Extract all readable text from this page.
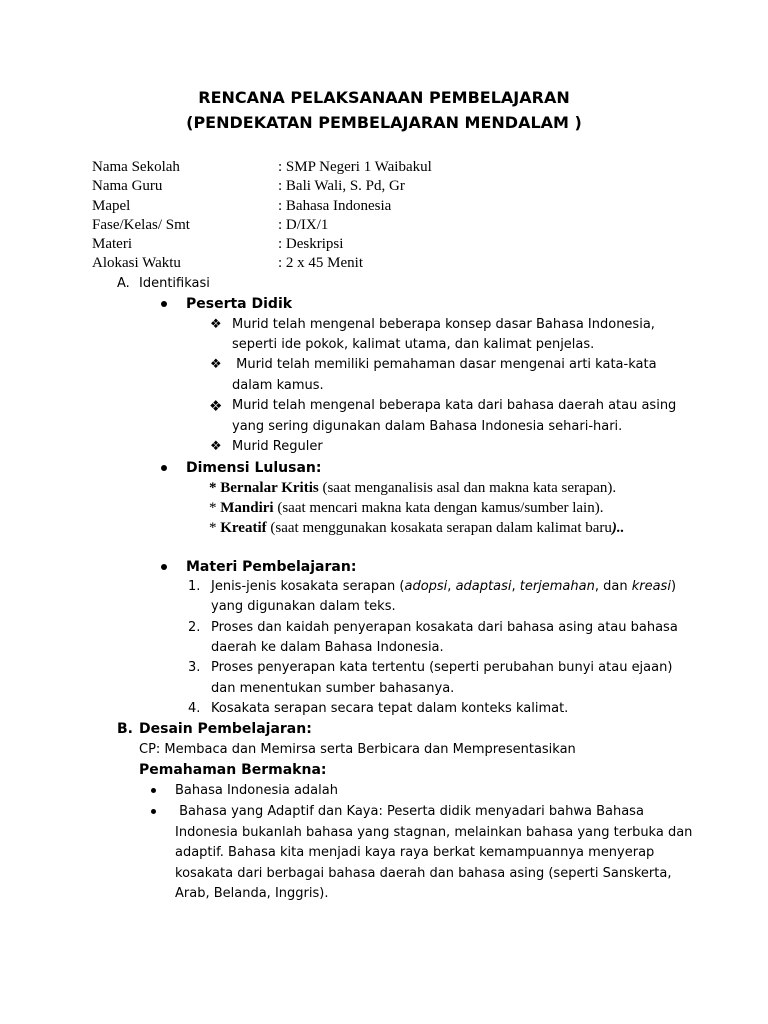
RENCANA PELAKSANAAN PEMBELAJARAN
(PENDEKATAN PEMBELAJARAN MENDALAM )
Nama Sekolah	: SMP Negeri 1 Waibakul
Nama Guru	: Bali Wali, S. Pd, Gr
Mapel	: Bahasa Indonesia
Fase/Kelas/ Smt	: D/IX/1
Materi	: Deskripsi
Alokasi Waktu	: 2 x 45 Menit
A. Identifikasi
Peserta Didik
❖ Murid telah mengenal beberapa konsep dasar Bahasa Indonesia,
seperti ide pokok, kalimat utama, dan kalimat penjelas.
❖ Murid telah memiliki pemahaman dasar mengenai arti kata-kata
dalam kamus.
❖ Murid telah mengenal beberapa kata dari bahasa daerah atau asing
yang sering digunakan dalam Bahasa Indonesia sehari-hari.
❖ Murid Reguler
Dimensi Lulusan:
* Bernalar Kritis (saat menganalisis asal dan makna kata serapan).
* Mandiri (saat mencari makna kata dengan kamus/sumber lain).
* Kreatif (saat menggunakan kosakata serapan dalam kalimat baru)..
Materi Pembelajaran:
1. Jenis-jenis kosakata serapan (adopsi, adaptasi, terjemahan, dan kreasi)
yang digunakan dalam teks.
2. Proses dan kaidah penyerapan kosakata dari bahasa asing atau bahasa
daerah ke dalam Bahasa Indonesia.
3. Proses penyerapan kata tertentu (seperti perubahan bunyi atau ejaan)
dan menentukan sumber bahasanya.
4. Kosakata serapan secara tepat dalam konteks kalimat.
B. Desain Pembelajaran:
CP: Membaca dan Memirsa serta Berbicara dan Mempresentasikan
Pemahaman Bermakna:
Bahasa Indonesia adalah
Bahasa yang Adaptif dan Kaya: Peserta didik menyadari bahwa Bahasa
Indonesia bukanlah bahasa yang stagnan, melainkan bahasa yang terbuka dan
adaptif. Bahasa kita menjadi kaya raya berkat kemampuannya menyerap
kosakata dari berbagai bahasa daerah dan bahasa asing (seperti Sanskerta,
Arab, Belanda, Inggris).
